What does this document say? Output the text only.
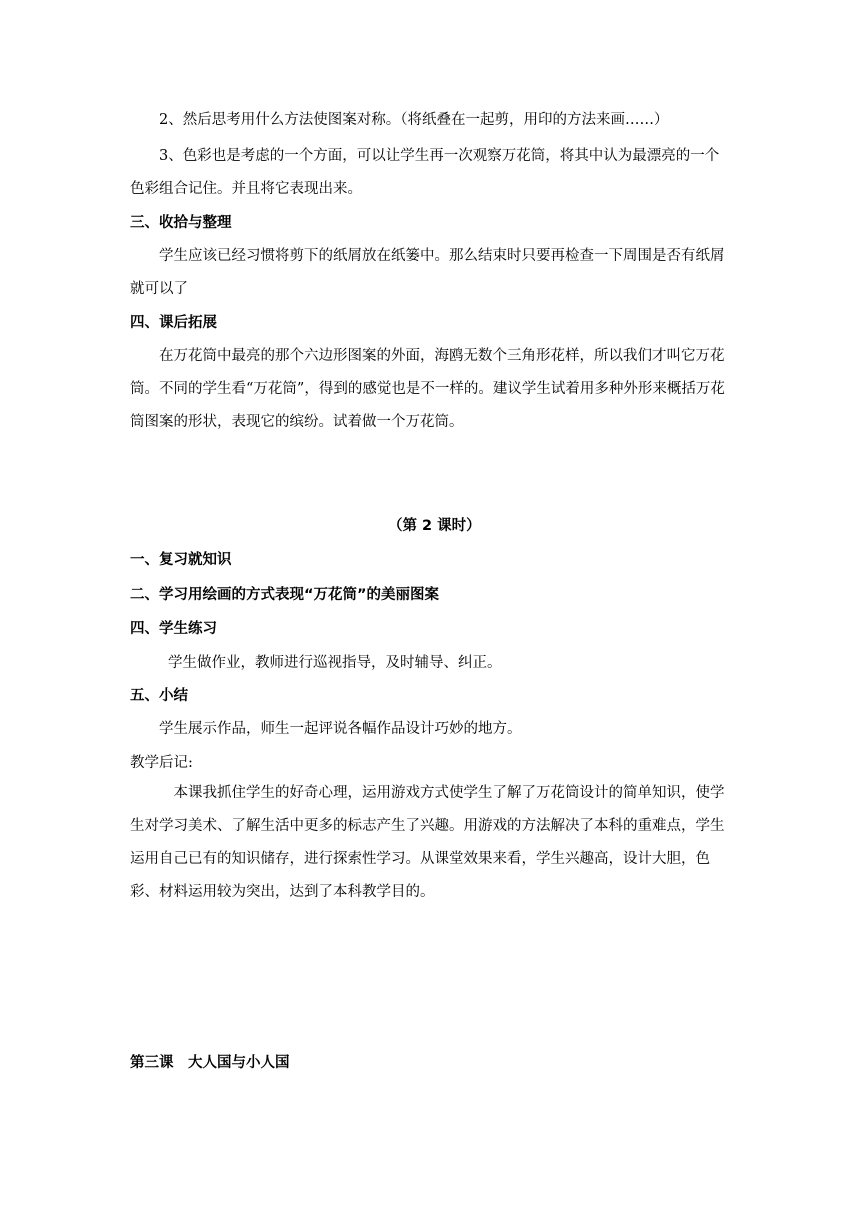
2、然后思考用什么方法使图案对称。（将纸叠在一起剪，用印的方法来画……）
3、色彩也是考虑的一个方面，可以让学生再一次观察万花筒，将其中认为最漂亮的一个色彩组合记住。并且将它表现出来。
三、收拾与整理
学生应该已经习惯将剪下的纸屑放在纸篓中。那么结束时只要再检查一下周围是否有纸屑就可以了
四、课后拓展
在万花筒中最亮的那个六边形图案的外面，海鸥无数个三角形花样，所以我们才叫它万花筒。不同的学生看“万花筒”，得到的感觉也是不一样的。建议学生试着用多种外形来概括万花筒图案的形状，表现它的缤纷。试着做一个万花筒。
（第 2 课时）
一、复习就知识
二、学习用绘画的方式表现“万花筒”的美丽图案
四、学生练习
学生做作业，教师进行巡视指导，及时辅导、纠正。
五、小结
学生展示作品，师生一起评说各幅作品设计巧妙的地方。
教学后记:
本课我抓住学生的好奇心理，运用游戏方式使学生了解了万花筒设计的简单知识，使学生对学习美术、了解生活中更多的标志产生了兴趣。用游戏的方法解决了本科的重难点，学生运用自己已有的知识储存，进行探索性学习。从课堂效果来看，学生兴趣高，设计大胆，色彩、材料运用较为突出，达到了本科教学目的。
第三课　大人国与小人国
